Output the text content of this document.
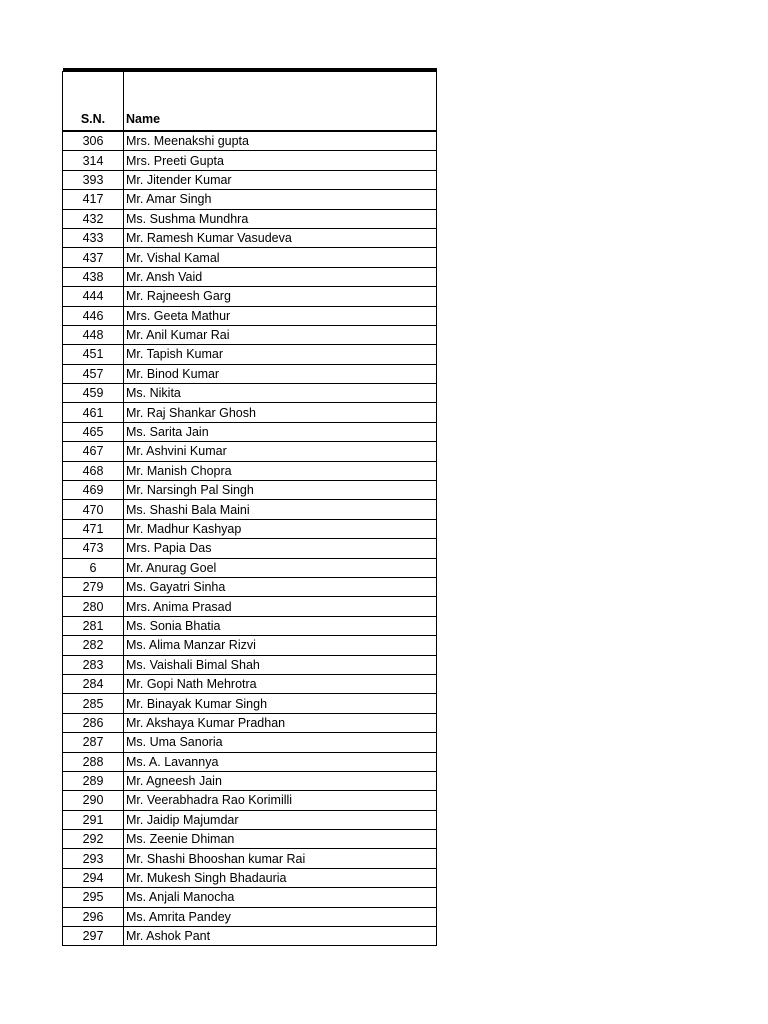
S.N.	Name
306	Mrs. Meenakshi gupta
314	Mrs. Preeti Gupta
393	Mr. Jitender Kumar
417	Mr. Amar Singh
432	Ms. Sushma Mundhra
433	Mr. Ramesh Kumar Vasudeva
437	Mr. Vishal Kamal
438	Mr. Ansh Vaid
444	Mr. Rajneesh Garg
446	Mrs. Geeta Mathur
448	Mr. Anil Kumar Rai
451	Mr. Tapish Kumar
457	Mr. Binod Kumar
459	Ms. Nikita
461	Mr. Raj Shankar Ghosh
465	Ms. Sarita Jain
467	Mr. Ashvini Kumar
468	Mr. Manish Chopra
469	Mr. Narsingh Pal Singh
470	Ms. Shashi Bala Maini
471	Mr. Madhur Kashyap
473	Mrs. Papia Das
6	Mr. Anurag Goel
279	Ms. Gayatri Sinha
280	Mrs. Anima Prasad
281	Ms. Sonia Bhatia
282	Ms. Alima Manzar Rizvi
283	Ms. Vaishali Bimal Shah
284	Mr. Gopi Nath Mehrotra
285	Mr. Binayak Kumar Singh
286	Mr. Akshaya Kumar Pradhan
287	Ms. Uma Sanoria
288	Ms. A. Lavannya
289	Mr. Agneesh Jain
290	Mr. Veerabhadra Rao Korimilli
291	Mr. Jaidip Majumdar
292	Ms. Zeenie Dhiman
293	Mr. Shashi Bhooshan kumar Rai
294	Mr. Mukesh Singh Bhadauria
295	Ms. Anjali Manocha
296	Ms. Amrita Pandey
297	Mr. Ashok Pant
